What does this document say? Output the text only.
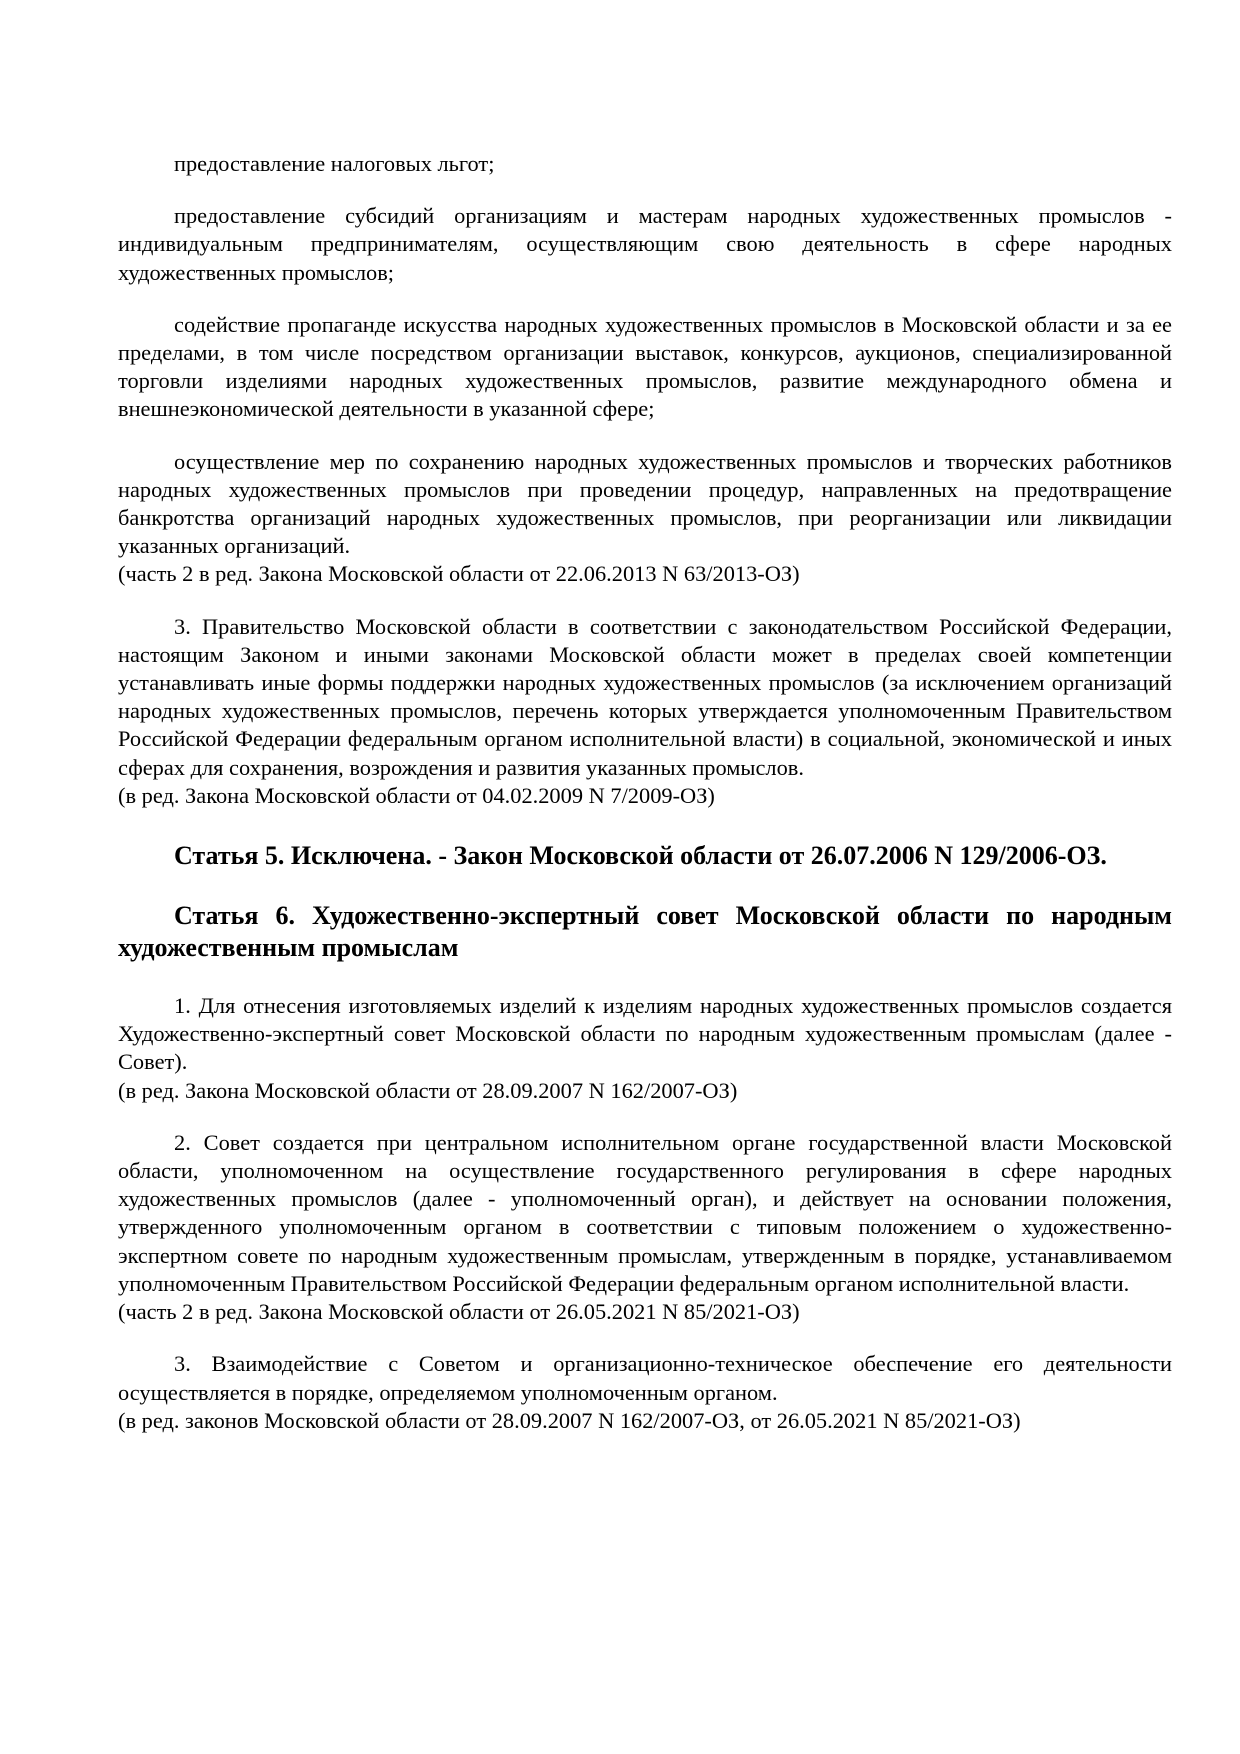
предоставление налоговых льгот;

предоставление субсидий организациям и мастерам народных художественных промыслов - индивидуальным предпринимателям, осуществляющим свою деятельность в сфере народных художественных промыслов;

содействие пропаганде искусства народных художественных промыслов в Московской области и за ее пределами, в том числе посредством организации выставок, конкурсов, аукционов, специализированной торговли изделиями народных художественных промыслов, развитие международного обмена и внешнеэкономической деятельности в указанной сфере;

осуществление мер по сохранению народных художественных промыслов и творческих работников народных художественных промыслов при проведении процедур, направленных на предотвращение банкротства организаций народных художественных промыслов, при реорганизации или ликвидации указанных организаций.

(часть 2 в ред. Закона Московской области от 22.06.2013 N 63/2013-ОЗ)

3. Правительство Московской области в соответствии с законодательством Российской Федерации, настоящим Законом и иными законами Московской области может в пределах своей компетенции устанавливать иные формы поддержки народных художественных промыслов (за исключением организаций народных художественных промыслов, перечень которых утверждается уполномоченным Правительством Российской Федерации федеральным органом исполнительной власти) в социальной, экономической и иных сферах для сохранения, возрождения и развития указанных промыслов.

(в ред. Закона Московской области от 04.02.2009 N 7/2009-ОЗ)

Статья 5. Исключена. - Закон Московской области от 26.07.2006 N 129/2006-ОЗ.
Статья 6. Художественно-экспертный совет Московской области по народным художественным промыслам

1. Для отнесения изготовляемых изделий к изделиям народных художественных промыслов создается Художественно-экспертный совет Московской области по народным художественным промыслам (далее - Совет).

(в ред. Закона Московской области от 28.09.2007 N 162/2007-ОЗ)

2. Совет создается при центральном исполнительном органе государственной власти Московской области, уполномоченном на осуществление государственного регулирования в сфере народных художественных промыслов (далее - уполномоченный орган), и действует на основании положения, утвержденного уполномоченным органом в соответствии с типовым положением о художественно-экспертном совете по народным художественным промыслам, утвержденным в порядке, устанавливаемом уполномоченным Правительством Российской Федерации федеральным органом исполнительной власти.

(часть 2 в ред. Закона Московской области от 26.05.2021 N 85/2021-ОЗ)

3. Взаимодействие с Советом и организационно-техническое обеспечение его деятельности осуществляется в порядке, определяемом уполномоченным органом.

(в ред. законов Московской области от 28.09.2007 N 162/2007-ОЗ, от 26.05.2021 N 85/2021-ОЗ)
